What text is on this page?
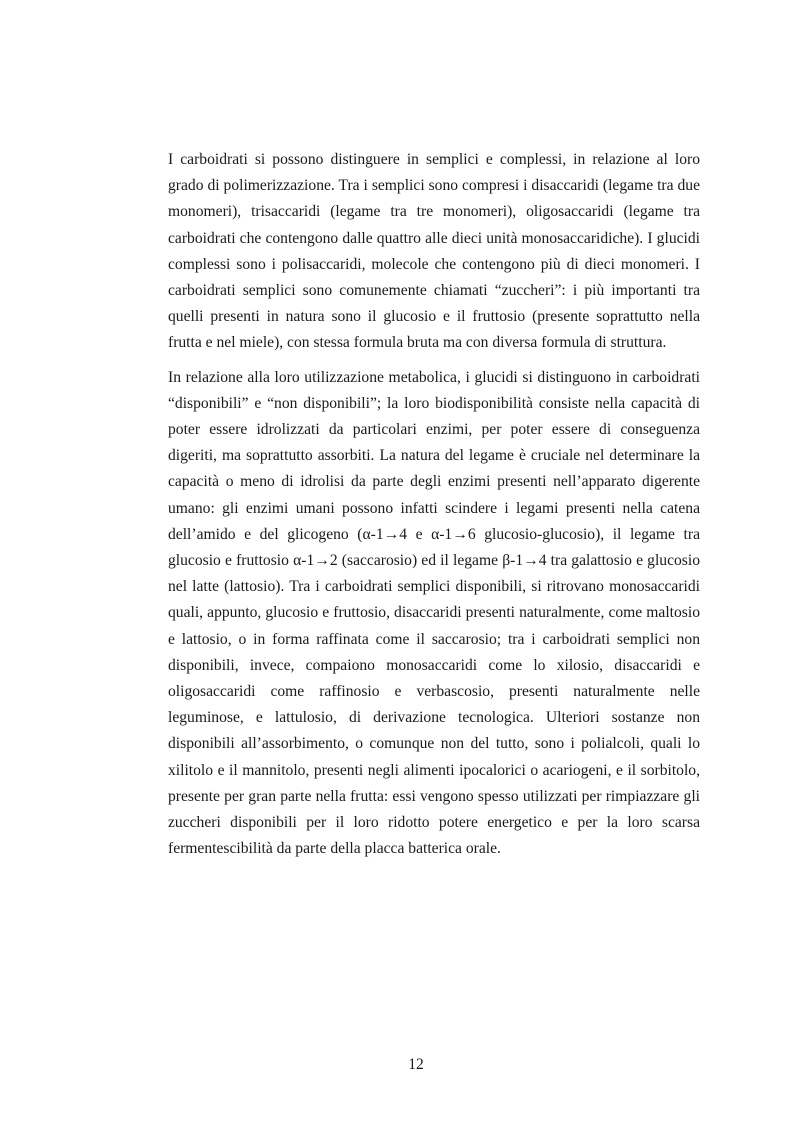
I carboidrati si possono distinguere in semplici e complessi, in relazione al loro grado di polimerizzazione. Tra i semplici sono compresi i disaccaridi (legame tra due monomeri), trisaccaridi (legame tra tre monomeri), oligosaccaridi (legame tra carboidrati che contengono dalle quattro alle dieci unità monosaccaridiche). I glucidi complessi sono i polisaccaridi, molecole che contengono più di dieci monomeri. I carboidrati semplici sono comunemente chiamati “zuccheri”: i più importanti tra quelli presenti in natura sono il glucosio e il fruttosio (presente soprattutto nella frutta e nel miele), con stessa formula bruta ma con diversa formula di struttura.

In relazione alla loro utilizzazione metabolica, i glucidi si distinguono in carboidrati “disponibili” e “non disponibili”; la loro biodisponibilità consiste nella capacità di poter essere idrolizzati da particolari enzimi, per poter essere di conseguenza digeriti, ma soprattutto assorbiti. La natura del legame è cruciale nel determinare la capacità o meno di idrolisi da parte degli enzimi presenti nell’apparato digerente umano: gli enzimi umani possono infatti scindere i legami presenti nella catena dell’amido e del glicogeno (α-1→4 e α-1→6 glucosio-glucosio), il legame tra glucosio e fruttosio α-1→2 (saccarosio) ed il legame β-1→4 tra galattosio e glucosio nel latte (lattosio). Tra i carboidrati semplici disponibili, si ritrovano monosaccaridi quali, appunto, glucosio e fruttosio, disaccaridi presenti naturalmente, come maltosio e lattosio, o in forma raffinata come il saccarosio; tra i carboidrati semplici non disponibili, invece, compaiono monosaccaridi come lo xilosio, disaccaridi e oligosaccaridi come raffinosio e verbascosio, presenti naturalmente nelle leguminose, e lattulosio, di derivazione tecnologica. Ulteriori sostanze non disponibili all’assorbimento, o comunque non del tutto, sono i polialcoli, quali lo xilitolo e il mannitolo, presenti negli alimenti ipocalorici o acariogeni, e il sorbitolo, presente per gran parte nella frutta: essi vengono spesso utilizzati per rimpiazzare gli zuccheri disponibili per il loro ridotto potere energetico e per la loro scarsa fermentescibilità da parte della placca batterica orale.

12
